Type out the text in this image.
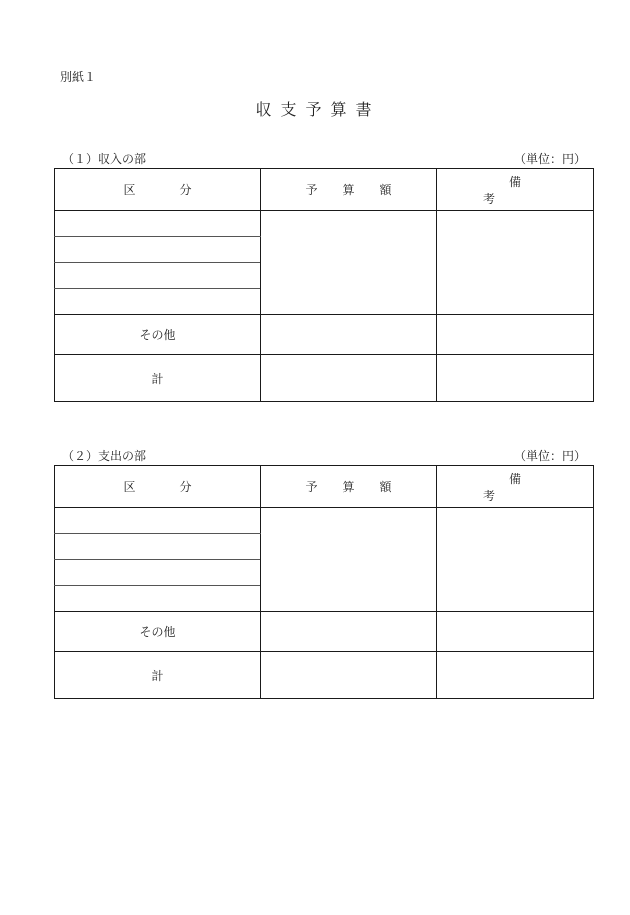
別紙１
収支予算書
（１）収入の部	（単位：円）
区分	予算額	備考

その他		
計		
（２）支出の部	（単位：円）
区分	予算額	備考

その他		
計		
